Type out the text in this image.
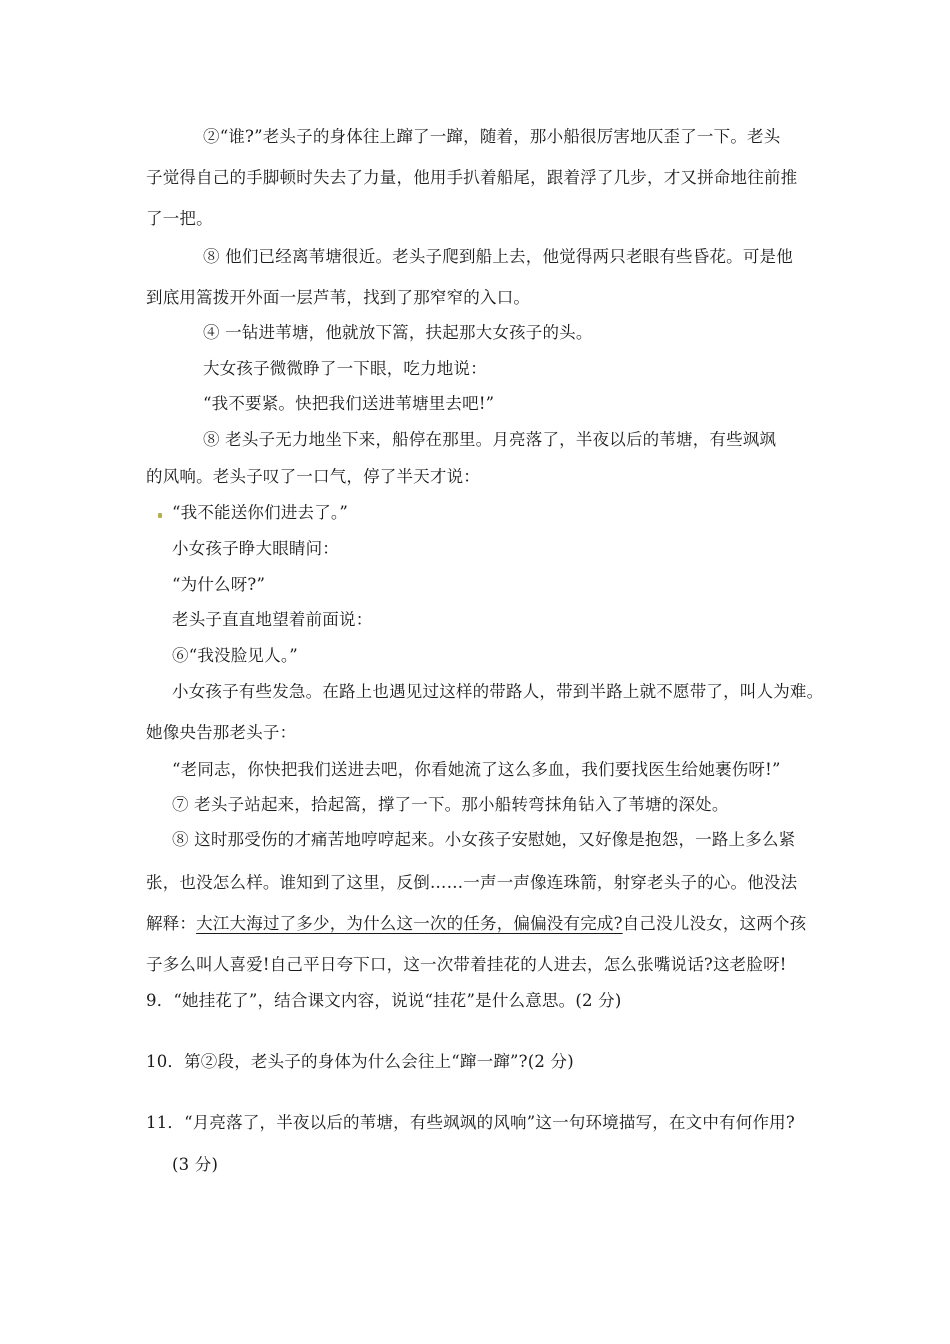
②“谁?”老头子的身体往上蹿了一蹿，随着，那小船很厉害地仄歪了一下。老头
子觉得自己的手脚顿时失去了力量，他用手扒着船尾，跟着浮了几步，才又拼命地往前推
了一把。
⑧ 他们已经离苇塘很近。老头子爬到船上去，他觉得两只老眼有些昏花。可是他
到底用篙拨开外面一层芦苇，找到了那窄窄的入口。
④ 一钻进苇塘，他就放下篙，扶起那大女孩子的头。
大女孩子微微睁了一下眼，吃力地说：
“我不要紧。快把我们送进苇塘里去吧!”
⑧ 老头子无力地坐下来，船停在那里。月亮落了，半夜以后的苇塘，有些飒飒
的风响。老头子叹了一口气，停了半天才说：
“我不能送你们进去了。”
小女孩子睁大眼睛问：
“为什么呀?”
老头子直直地望着前面说：
⑥“我没脸见人。”
小女孩子有些发急。在路上也遇见过这样的带路人，带到半路上就不愿带了，叫人为难。
她像央告那老头子：
“老同志，你快把我们送进去吧，你看她流了这么多血，我们要找医生给她裹伤呀!”
⑦ 老头子站起来，拾起篙，撑了一下。那小船转弯抹角钻入了苇塘的深处。
⑧ 这时那受伤的才痛苦地哼哼起来。小女孩子安慰她，又好像是抱怨，一路上多么紧
张，也没怎么样。谁知到了这里，反倒……一声一声像连珠箭，射穿老头子的心。他没法
解释：大江大海过了多少，为什么这一次的任务，偏偏没有完成?自己没儿没女，这两个孩
子多么叫人喜爱!自己平日夸下口，这一次带着挂花的人进去，怎么张嘴说话?这老脸呀!
9．“她挂花了”，结合课文内容，说说“挂花”是什么意思。(2 分)
10．第②段，老头子的身体为什么会往上“蹿一蹿”?(2 分)
11．“月亮落了，半夜以后的苇塘，有些飒飒的风响”这一句环境描写，在文中有何作用?
(3 分)
